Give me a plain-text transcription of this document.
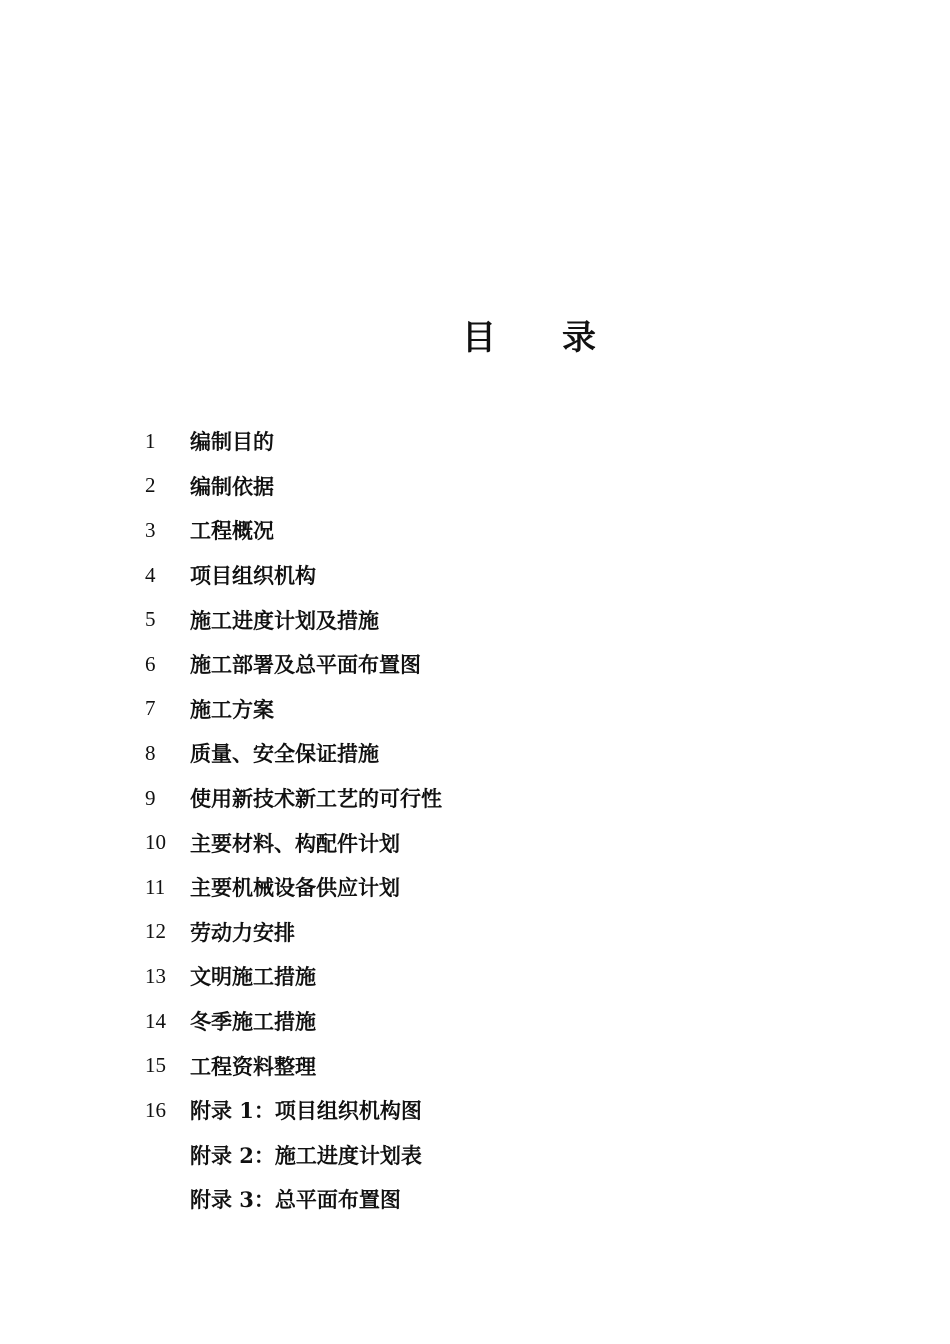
目 录
1	编制目的
2	编制依据
3	工程概况
4	项目组织机构
5	施工进度计划及措施
6	施工部署及总平面布置图
7	施工方案
8	质量、安全保证措施
9	使用新技术新工艺的可行性
10	主要材料、构配件计划
11	主要机械设备供应计划
12	劳动力安排
13	文明施工措施
14	冬季施工措施
15	工程资料整理
16	附录 1：项目组织机构图
附录 2：施工进度计划表
附录 3：总平面布置图
